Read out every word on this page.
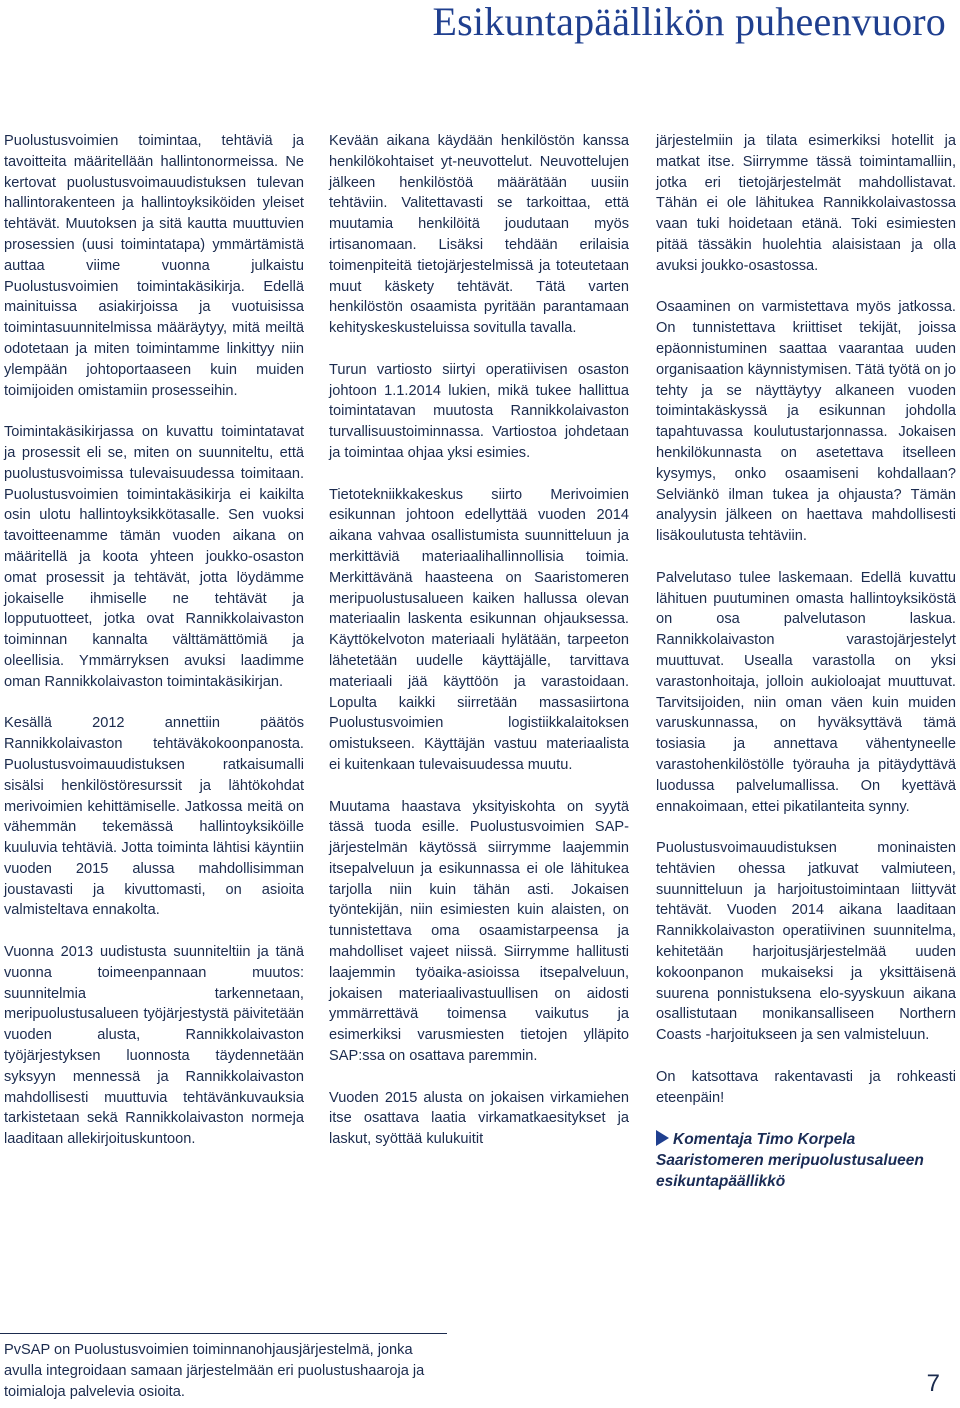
Esikuntapäällikön puheenvuoro

Puolustusvoimien toimintaa, tehtäviä ja tavoitteita määritellään hallintonormeissa. Ne kertovat puolustusvoimauudistuksen tulevan hallintorakenteen ja hallintoyksiköiden yleiset tehtävät. Muutoksen ja sitä kautta muuttuvien prosessien (uusi toimintatapa) ymmärtämistä auttaa viime vuonna julkaistu Puolustusvoimien toimintakäsikirja. Edellä mainituissa asiakirjoissa ja vuotuisissa toimintasuunnitelmissa määräytyy, mitä meiltä odotetaan ja miten toimintamme linkittyy niin ylempään johtoportaaseen kuin muiden toimijoiden omistamiin prosesseihin.

Toimintakäsikirjassa on kuvattu toimintatavat ja prosessit eli se, miten on suunniteltu, että puolustusvoimissa tulevaisuudessa toimitaan. Puolustusvoimien toimintakäsikirja ei kaikilta osin ulotu hallintoyksikkötasalle. Sen vuoksi tavoitteenamme tämän vuoden aikana on määritellä ja koota yhteen joukko-osaston omat prosessit ja tehtävät, jotta löydämme jokaiselle ihmiselle ne tehtävät ja lopputuotteet, jotka ovat Rannikkolaivaston toiminnan kannalta välttämättömiä ja oleellisia. Ymmärryksen avuksi laadimme oman Rannikkolaivaston toimintakäsikirjan.

Kesällä 2012 annettiin päätös Rannikkolaivaston tehtäväkokoonpanosta. Puolustusvoimauudistuksen ratkaisumalli sisälsi henkilöstöresurssit ja lähtökohdat merivoimien kehittämiselle. Jatkossa meitä on vähemmän tekemässä hallintoyksiköille kuuluvia tehtäviä. Jotta toiminta lähtisi käyntiin vuoden 2015 alussa mahdollisimman joustavasti ja kivuttomasti, on asioita valmisteltava ennakolta.

Vuonna 2013 uudistusta suunniteltiin ja tänä vuonna toimeenpannaan muutos: suunnitelmia tarkennetaan, meripuolustusalueen työjärjestystä päivitetään vuoden alusta, Rannikkolaivaston työjärjestyksen luonnosta täydennetään syksyyn mennessä ja Rannikkolaivaston mahdollisesti muuttuvia tehtävänkuvauksia tarkistetaan sekä Rannikkolaivaston normeja laaditaan allekirjoituskuntoon.

Kevään aikana käydään henkilöstön kanssa henkilökohtaiset yt-neuvottelut. Neuvottelujen jälkeen henkilöstöä määrätään uusiin tehtäviin. Valitettavasti se tarkoittaa, että muutamia henkilöitä joudutaan myös irtisanomaan. Lisäksi tehdään erilaisia toimenpiteitä tietojärjestelmissä ja toteutetaan muut käskety tehtävät. Tätä varten henkilöstön osaamista pyritään parantamaan kehityskeskusteluissa sovitulla tavalla.

Turun vartiosto siirtyi operatiivisen osaston johtoon 1.1.2014 lukien, mikä tukee hallittua toimintatavan muutosta Rannikkolaivaston turvallisuustoiminnassa. Vartiostoa johdetaan ja toimintaa ohjaa yksi esimies.

Tietotekniikkakeskus siirto Merivoimien esikunnan johtoon edellyttää vuoden 2014 aikana vahvaa osallistumista suunnitteluun ja merkittäviä materiaalihallinnollisia toimia. Merkittävänä haasteena on Saaristomeren meripuolustusalueen kaiken hallussa olevan materiaalin laskenta esikunnan ohjauksessa. Käyttökelvoton materiaali hylätään, tarpeeton lähetetään uudelle käyttäjälle, tarvittava materiaali jää käyttöön ja varastoidaan. Lopulta kaikki siirretään massasiirtona Puolustusvoimien logistiikkalaitoksen omistukseen. Käyttäjän vastuu materiaalista ei kuitenkaan tulevaisuudessa muutu.

Muutama haastava yksityiskohta on syytä tässä tuoda esille. Puolustusvoimien SAP-järjestelmän käytössä siirrymme laajemmin itsepalveluun ja esikunnassa ei ole lähitukea tarjolla niin kuin tähän asti. Jokaisen työntekijän, niin esimiesten kuin alaisten, on tunnistettava oma osaamistarpeensa ja mahdolliset vajeet niissä. Siirrymme hallitusti laajemmin työaika-asioissa itsepalveluun, jokaisen materiaalivastuullisen on aidosti ymmärrettävä toimensa vaikutus ja esimerkiksi varusmiesten tietojen ylläpito SAP:ssa on osattava paremmin.

Vuoden 2015 alusta on jokaisen virkamiehen itse osattava laatia virkamatkaesitykset ja laskut, syöttää kulukuitit

järjestelmiin ja tilata esimerkiksi hotellit ja matkat itse. Siirrymme tässä toimintamalliin, jotka eri tietojärjestelmät mahdollistavat. Tähän ei ole lähitukea Rannikkolaivastossa vaan tuki hoidetaan etänä. Toki esimiesten pitää tässäkin huolehtia alaisistaan ja olla avuksi joukko-osastossa.

Osaaminen on varmistettava myös jatkossa. On tunnistettava kriittiset tekijät, joissa epäonnistuminen saattaa vaarantaa uuden organisaation käynnistymisen. Tätä työtä on jo tehty ja se näyttäytyy alkaneen vuoden toimintakäskyssä ja esikunnan johdolla tapahtuvassa koulutustarjonnassa. Jokaisen henkilökunnasta on asetettava itselleen kysymys, onko osaamiseni kohdallaan? Selviänkö ilman tukea ja ohjausta? Tämän analyysin jälkeen on haettava mahdollisesti lisäkoulutusta tehtäviin.

Palvelutaso tulee laskemaan. Edellä kuvattu lähituen puutuminen omasta hallintoyksiköstä on osa palvelutason laskua. Rannikkolaivaston varastojärjestelyt muuttuvat. Usealla varastolla on yksi varastonhoitaja, jolloin aukioloajat muuttuvat. Tarvitsijoiden, niin oman väen kuin muiden varuskunnassa, on hyväksyttävä tämä tosiasia ja annettava vähentyneelle varastohenkilöstölle työrauha ja pitäydyttävä luodussa palvelumallissa. On kyettävä ennakoimaan, ettei pikatilanteita synny.

Puolustusvoimauudistuksen moninaisten tehtävien ohessa jatkuvat valmiuteen, suunnitteluun ja harjoitustoimintaan liittyvät tehtävät. Vuoden 2014 aikana laaditaan Rannikkolaivaston operatiivinen suunnitelma, kehitetään harjoitusjärjestelmää uuden kokoonpanon mukaiseksi ja yksittäisenä suurena ponnistuksena elo-syyskuun aikana osallistutaan monikansalliseen Northern Coasts -harjoitukseen ja sen valmisteluun.

On katsottava rakentavasti ja rohkeasti eteenpäin!

Komentaja Timo Korpela
Saaristomeren meripuolustusalueen
esikuntapäällikkö
PvSAP on Puolustusvoimien toiminnanohjausjärjestelmä, jonka avulla integroidaan samaan järjestelmään eri puolustushaaroja ja toimialoja palvelevia osioita.	7
